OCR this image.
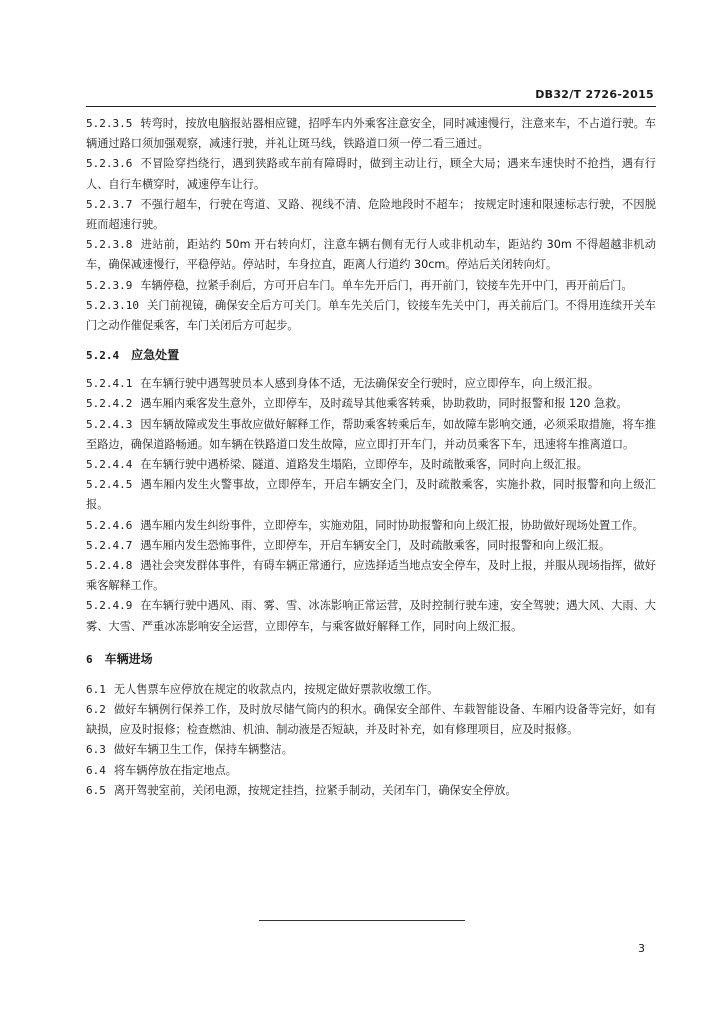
DB32/T 2726-2015

5.2.3.5 转弯时，按放电脑报站器相应键，招呼车内外乘客注意安全，同时减速慢行，注意来车，不占道行驶。车辆通过路口须加强观察，减速行驶，并礼让斑马线，铁路道口须一停二看三通过。

5.2.3.6 不冒险穿挡绕行，遇到狭路或车前有障碍时，做到主动让行，顾全大局；遇来车速快时不抢挡，遇有行人、自行车横穿时，减速停车让行。

5.2.3.7 不强行超车，行驶在弯道、叉路、视线不清、危险地段时不超车； 按规定时速和限速标志行驶，不因脱班而超速行驶。

5.2.3.8 进站前，距站约 50m 开右转向灯，注意车辆右侧有无行人或非机动车，距站约 30m 不得超越非机动车，确保减速慢行，平稳停站。停站时，车身拉直，距离人行道约 30cm。停站后关闭转向灯。

5.2.3.9 车辆停稳，拉紧手刹后，方可开启车门。单车先开后门，再开前门，铰接车先开中门，再开前后门。

5.2.3.10 关门前视镜，确保安全后方可关门。单车先关后门，铰接车先关中门，再关前后门。不得用连续开关车门之动作催促乘客，车门关闭后方可起步。

5.2.4 应急处置

5.2.4.1 在车辆行驶中遇驾驶员本人感到身体不适，无法确保安全行驶时，应立即停车，向上级汇报。

5.2.4.2 遇车厢内乘客发生意外，立即停车，及时疏导其他乘客转乘，协助救助，同时报警和报 120 急救。

5.2.4.3 因车辆故障或发生事故应做好解释工作，帮助乘客转乘后车，如故障车影响交通，必须采取措施，将车推至路边，确保道路畅通。如车辆在铁路道口发生故障，应立即打开车门，并动员乘客下车，迅速将车推离道口。

5.2.4.4 在车辆行驶中遇桥梁、隧道、道路发生塌陷，立即停车，及时疏散乘客，同时向上级汇报。

5.2.4.5 遇车厢内发生火警事故，立即停车，开启车辆安全门，及时疏散乘客，实施扑救，同时报警和向上级汇报。

5.2.4.6 遇车厢内发生纠纷事件，立即停车，实施劝阻，同时协助报警和向上级汇报，协助做好现场处置工作。

5.2.4.7 遇车厢内发生恐怖事件，立即停车，开启车辆安全门，及时疏散乘客，同时报警和向上级汇报。

5.2.4.8 遇社会突发群体事件，有碍车辆正常通行，应选择适当地点安全停车，及时上报，并服从现场指挥，做好乘客解释工作。

5.2.4.9 在车辆行驶中遇风、雨、雾、雪、冰冻影响正常运营，及时控制行驶车速，安全驾驶；遇大风、大雨、大雾、大雪、严重冰冻影响安全运营，立即停车，与乘客做好解释工作，同时向上级汇报。

6 车辆进场

6.1 无人售票车应停放在规定的收款点内，按规定做好票款收缴工作。

6.2 做好车辆例行保养工作，及时放尽储气筒内的积水。确保安全部件、车载智能设备、车厢内设备等完好，如有缺损，应及时报修；检查燃油、机油、制动液是否短缺，并及时补充，如有修理项目，应及时报修。

6.3 做好车辆卫生工作，保持车辆整洁。

6.4 将车辆停放在指定地点。

6.5 离开驾驶室前，关闭电源，按规定挂挡，拉紧手制动，关闭车门，确保安全停放。

3
